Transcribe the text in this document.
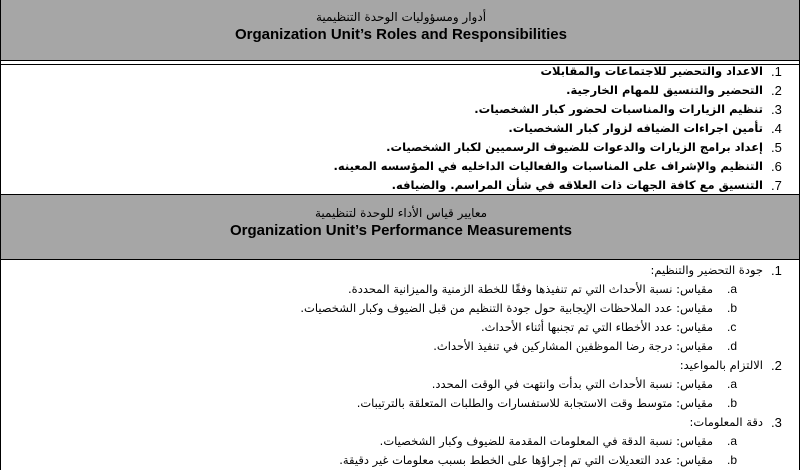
أدوار ومسؤوليات الوحدة التنظيمية
Organization Unit’s Roles and Responsibilities
.1
الاعداد والتحضير للاجتماعات والمقابلات
.2
التحضير والتنسيق للمهام الخارجية.
.3
تنظيم الزيارات والمناسبات لحضور كبار الشخصيات.
.4
تأمين اجراءات الضيافه لزوار كبار الشخصيات.
.5
إعداد برامج الزيارات والدعوات للضيوف الرسميين لكبار الشخصيات.
.6
التنظيم والإشراف على المناسبات والفعاليات الداخليه في المؤسسه المعينه.
.7
التنسيق مع كافة الجهات ذات العلاقه في شأن المراسم. والضيافه.
معايير قياس الأداء للوحدة لتنظيمية
Organization Unit’s Performance Measurements
.1
جودة التحضير والتنظيم:
.a
مقياس: نسبة الأحداث التي تم تنفيذها وفقًا للخطة الزمنية والميزانية المحددة.
.b
مقياس: عدد الملاحظات الإيجابية حول جودة التنظيم من قبل الضيوف وكبار الشخصيات.
.c
مقياس: عدد الأخطاء التي تم تجنبها أثناء الأحداث.
.d
مقياس: درجة رضا الموظفين المشاركين في تنفيذ الأحداث.
.2
الالتزام بالمواعيد:
.a
مقياس: نسبة الأحداث التي بدأت وانتهت في الوقت المحدد.
.b
مقياس: متوسط وقت الاستجابة للاستفسارات والطلبات المتعلقة بالترتيبات.
.3
دقة المعلومات:
.a
مقياس: نسبة الدقة في المعلومات المقدمة للضيوف وكبار الشخصيات.
.b
مقياس: عدد التعديلات التي تم إجراؤها على الخطط بسبب معلومات غير دقيقة.
